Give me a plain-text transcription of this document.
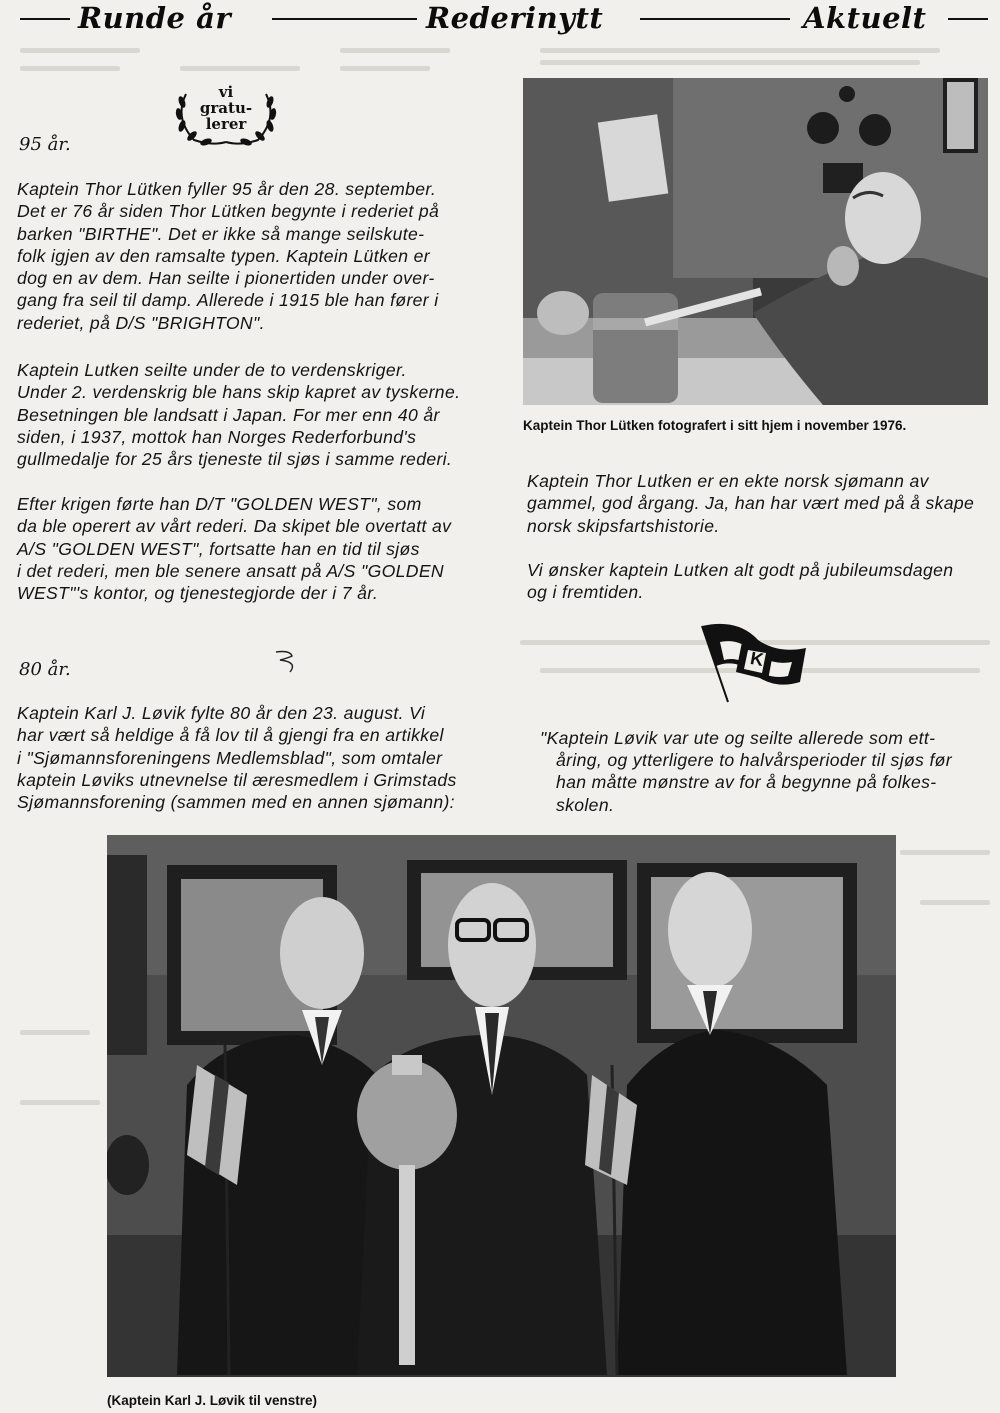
Runde år	Rederinytt	Aktuelt
vi
gratu-
lerer
95 år.
Kaptein Thor Lütken fyller 95 år den 28. september.
Det er 76 år siden Thor Lütken begynte i rederiet på
barken "BIRTHE". Det er ikke så mange seilskute-
folk igjen av den ramsalte typen. Kaptein Lütken er
dog en av dem. Han seilte i pionertiden under over-
gang fra seil til damp. Allerede i 1915 ble han fører i
rederiet, på D/S "BRIGHTON".
Kaptein Lutken seilte under de to verdenskriger.
Under 2. verdenskrig ble hans skip kapret av tyskerne.
Besetningen ble landsatt i Japan. For mer enn 40 år
siden, i 1937, mottok han Norges Rederforbund's
gullmedalje for 25 års tjeneste til sjøs i samme rederi.
Efter krigen førte han D/T "GOLDEN WEST", som
da ble operert av vårt rederi. Da skipet ble overtatt av
A/S "GOLDEN WEST", fortsatte han en tid til sjøs
i det rederi, men ble senere ansatt på A/S "GOLDEN
WEST"'s kontor, og tjenestegjorde der i 7 år.
Kaptein Thor Lütken fotografert i sitt hjem i november 1976.
Kaptein Thor Lutken er en ekte norsk sjømann av
gammel, god årgang. Ja, han har vært med på å skape
norsk skipsfartshistorie.
Vi ønsker kaptein Lutken alt godt på jubileumsdagen
og i fremtiden.
80 år.
Kaptein Karl J. Løvik fylte 80 år den 23. august. Vi
har vært så heldige å få lov til å gjengi fra en artikkel
i "Sjømannsforeningens Medlemsblad", som omtaler
kaptein Løviks utnevnelse til æresmedlem i Grimstads
Sjømannsforening (sammen med en annen sjømann):
K
"Kaptein Løvik var ute og seilte allerede som ett-
åring, og ytterligere to halvårsperioder til sjøs før
han måtte mønstre av for å begynne på folkes-
skolen.
(Kaptein Karl J. Løvik til venstre)
